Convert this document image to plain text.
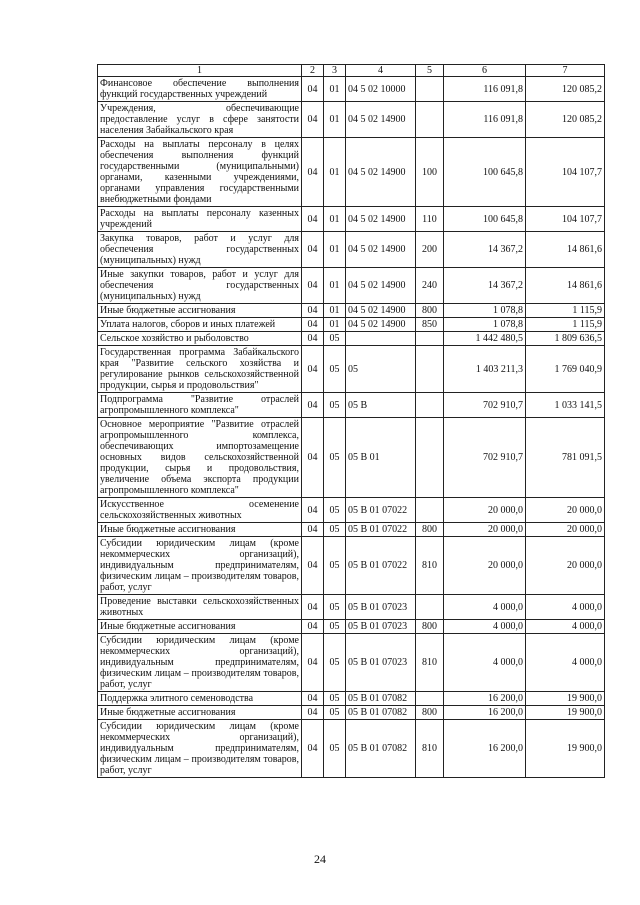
1	2	3	4	5	6	7
Финансовое обеспечение выполнения функций государственных учреждений	04	01	04 5 02 10000		116 091,8	120 085,2
Учреждения, обеспечивающие предоставление услуг в сфере занятости населения Забайкальского края	04	01	04 5 02 14900		116 091,8	120 085,2
Расходы на выплаты персоналу в целях обеспечения выполнения функций государственными (муниципальными) органами, казенными учреждениями, органами управления государственными внебюджетными фондами	04	01	04 5 02 14900	100	100 645,8	104 107,7
Расходы на выплаты персоналу казенных учреждений	04	01	04 5 02 14900	110	100 645,8	104 107,7
Закупка товаров, работ и услуг для обеспечения государственных (муниципальных) нужд	04	01	04 5 02 14900	200	14 367,2	14 861,6
Иные закупки товаров, работ и услуг для обеспечения государственных (муниципальных) нужд	04	01	04 5 02 14900	240	14 367,2	14 861,6
Иные бюджетные ассигнования	04	01	04 5 02 14900	800	1 078,8	1 115,9
Уплата налогов, сборов и иных платежей	04	01	04 5 02 14900	850	1 078,8	1 115,9
Сельское хозяйство и рыболовство	04	05			1 442 480,5	1 809 636,5
Государственная программа Забайкальского края "Развитие сельского хозяйства и регулирование рынков сельскохозяйственной продукции, сырья и продовольствия"	04	05	05		1 403 211,3	1 769 040,9
Подпрограмма "Развитие отраслей агропромышленного комплекса"	04	05	05 В		702 910,7	1 033 141,5
Основное мероприятие "Развитие отраслей агропромышленного комплекса, обеспечивающих импортозамещение основных видов сельскохозяйственной продукции, сырья и продовольствия, увеличение объема экспорта продукции агропромышленного комплекса"	04	05	05 В 01		702 910,7	781 091,5
Искусственное осеменение сельскохозяйственных животных	04	05	05 В 01 07022		20 000,0	20 000,0
Иные бюджетные ассигнования	04	05	05 В 01 07022	800	20 000,0	20 000,0
Субсидии юридическим лицам (кроме некоммерческих организаций), индивидуальным предпринимателям, физическим лицам – производителям товаров, работ, услуг	04	05	05 В 01 07022	810	20 000,0	20 000,0
Проведение выставки сельскохозяйственных животных	04	05	05 В 01 07023		4 000,0	4 000,0
Иные бюджетные ассигнования	04	05	05 В 01 07023	800	4 000,0	4 000,0
Субсидии юридическим лицам (кроме некоммерческих организаций), индивидуальным предпринимателям, физическим лицам – производителям товаров, работ, услуг	04	05	05 В 01 07023	810	4 000,0	4 000,0
Поддержка элитного семеноводства	04	05	05 В 01 07082		16 200,0	19 900,0
Иные бюджетные ассигнования	04	05	05 В 01 07082	800	16 200,0	19 900,0
Субсидии юридическим лицам (кроме некоммерческих организаций), индивидуальным предпринимателям, физическим лицам – производителям товаров, работ, услуг	04	05	05 В 01 07082	810	16 200,0	19 900,0
24
